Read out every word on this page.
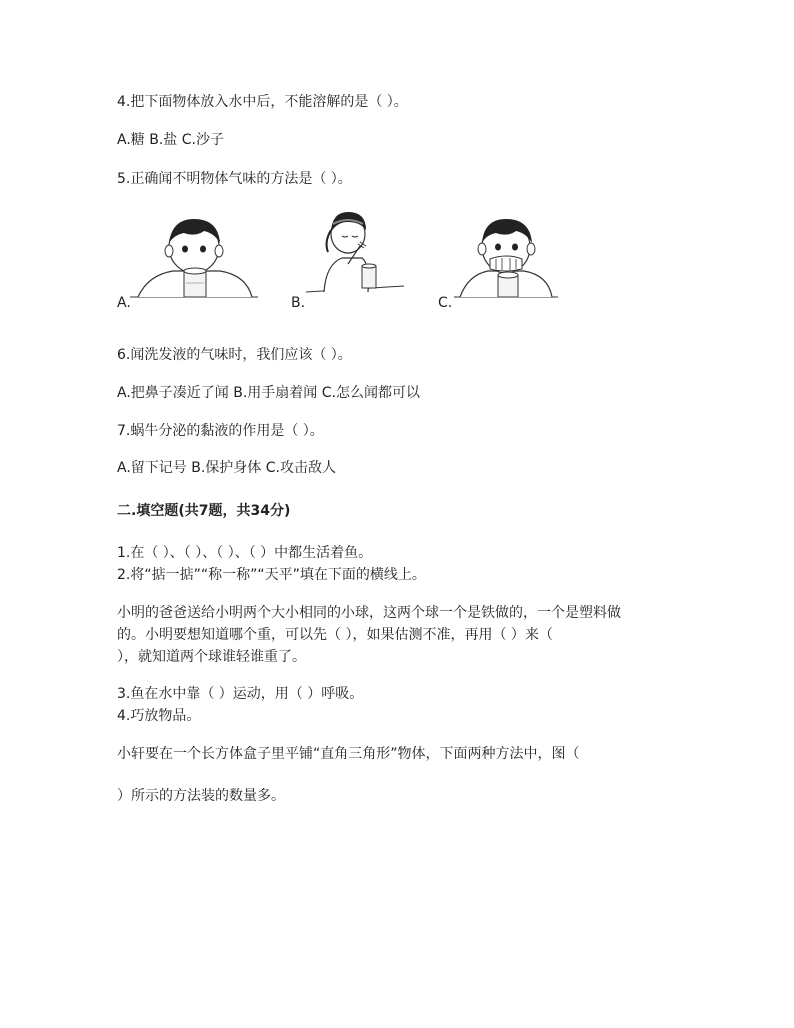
4.把下面物体放入水中后，不能溶解的是（ ）。
A.糖 B.盐 C.沙子
5.正确闻不明物体气味的方法是（ ）。
A.	B.	C.
6.闻洗发液的气味时，我们应该（ ）。
A.把鼻子凑近了闻 B.用手扇着闻 C.怎么闻都可以
7.蜗牛分泌的黏液的作用是（ ）。
A.留下记号 B.保护身体 C.攻击敌人
二.填空题(共7题，共34分)
1.在（ ）、（ ）、（ ）、（ ）中都生活着鱼。
2.将“掂一掂”“称一称”“天平”填在下面的横线上。
小明的爸爸送给小明两个大小相同的小球，这两个球一个是铁做的，一个是塑料做
的。小明要想知道哪个重，可以先（ ），如果估测不准，再用（ ）来（
），就知道两个球谁轻谁重了。
3.鱼在水中靠（ ）运动，用（ ）呼吸。
4.巧放物品。
小轩要在一个长方体盒子里平铺“直角三角形”物体，下面两种方法中，图（
）所示的方法装的数量多。
